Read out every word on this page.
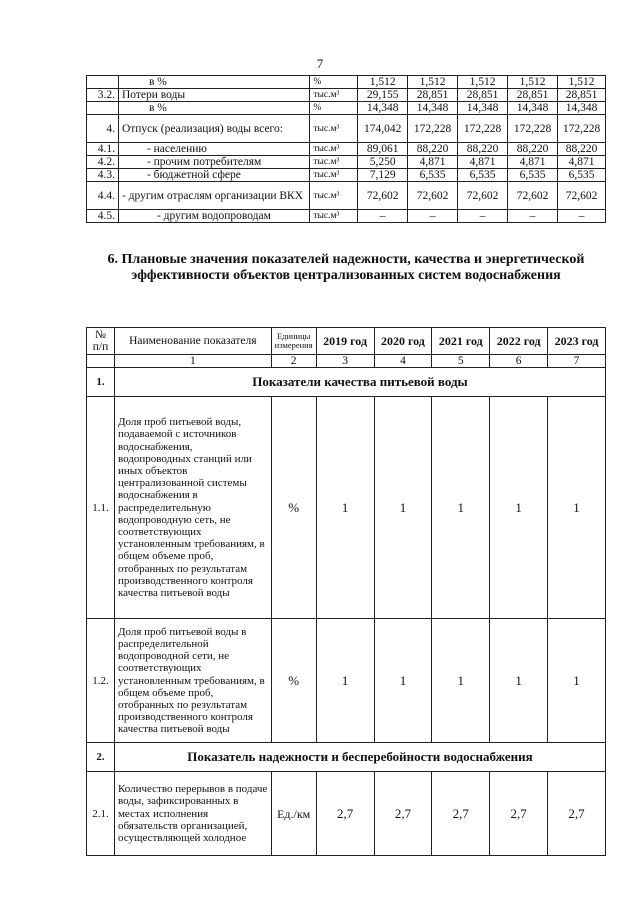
7
	в %	%	1,512	1,512	1,512	1,512	1,512
3.2.	Потери воды	тыс.м³	29,155	28,851	28,851	28,851	28,851
	в %	%	14,348	14,348	14,348	14,348	14,348
4.	Отпуск (реализация) воды всего:	тыс.м³	174,042	172,228	172,228	172,228	172,228
4.1.	- населению	тыс.м³	89,061	88,220	88,220	88,220	88,220
4.2.	- прочим потребителям	тыс.м³	5,250	4,871	4,871	4,871	4,871
4.3.	- бюджетной сфере	тыс.м³	7,129	6,535	6,535	6,535	6,535
4.4.	- другим отраслям организации ВКХ	тыс.м³	72,602	72,602	72,602	72,602	72,602
4.5.	- другим водопроводам	тыс.м³	–	–	–	–	–
6. Плановые значения показателей надежности, качества и энергетической эффективности объектов централизованных систем водоснабжения
№ п/п	Наименование показателя	Единицы измерения	2019 год	2020 год	2021 год	2022 год	2023 год
	1	2	3	4	5	6	7
1.	Показатели качества питьевой воды						
1.1.	Доля проб питьевой воды, подаваемой с источников водоснабжения, водопроводных станций или иных объектов централизованной системы водоснабжения в распределительную водопроводную сеть, не соответствующих установленным требованиям, в общем объеме проб, отобранных по результатам производственного контроля качества питьевой воды	%	1	1	1	1	1
1.2.	Доля проб питьевой воды в распределительной водопроводной сети, не соответствующих установленным требованиям, в общем объеме проб, отобранных по результатам производственного контроля качества питьевой воды	%	1	1	1	1	1
2.	Показатель надежности и бесперебойности водоснабжения						
2.1.	Количество перерывов в подаче воды, зафиксированных в местах исполнения обязательств организацией, осуществляющей холодное	Ед./км	2,7	2,7	2,7	2,7	2,7
